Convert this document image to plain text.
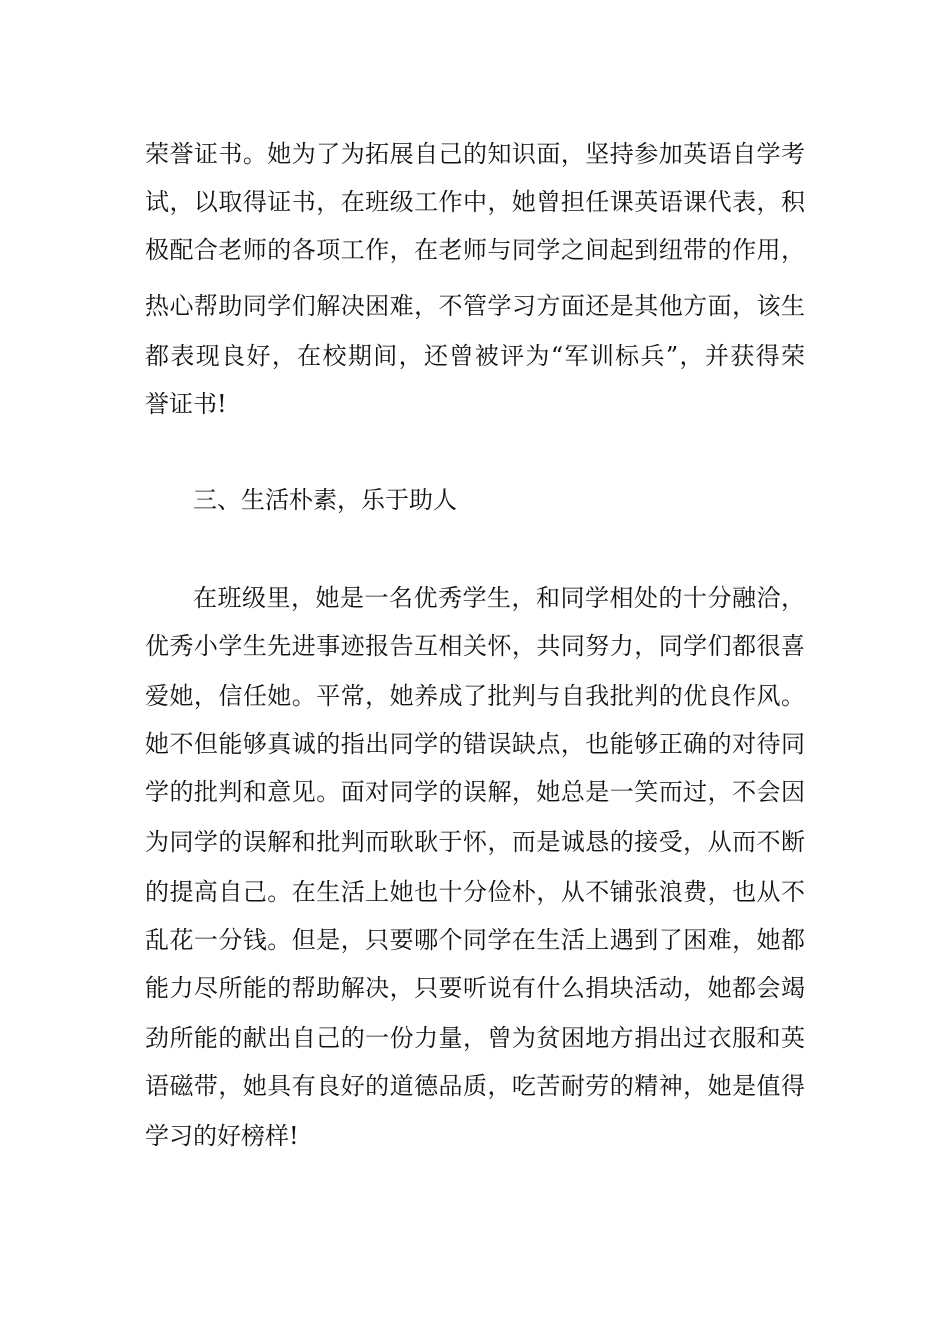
荣誉证书。她为了为拓展自己的知识面，坚持参加英语自学考
试，以取得证书，在班级工作中，她曾担任课英语课代表，积
极配合老师的各项工作，在老师与同学之间起到纽带的作用，
热心帮助同学们解决困难，不管学习方面还是其他方面，该生
都表现良好，在校期间，还曾被评为“军训标兵”，并获得荣
誉证书!
三、生活朴素，乐于助人
在班级里，她是一名优秀学生，和同学相处的十分融洽，
优秀小学生先进事迹报告互相关怀，共同努力，同学们都很喜
爱她，信任她。平常，她养成了批判与自我批判的优良作风。
她不但能够真诚的指出同学的错误缺点，也能够正确的对待同
学的批判和意见。面对同学的误解，她总是一笑而过，不会因
为同学的误解和批判而耿耿于怀，而是诚恳的接受，从而不断
的提高自己。在生活上她也十分俭朴，从不铺张浪费，也从不
乱花一分钱。但是，只要哪个同学在生活上遇到了困难，她都
能力尽所能的帮助解决，只要听说有什么捐块活动，她都会竭
劲所能的献出自己的一份力量，曾为贫困地方捐出过衣服和英
语磁带，她具有良好的道德品质，吃苦耐劳的精神，她是值得
学习的好榜样!
